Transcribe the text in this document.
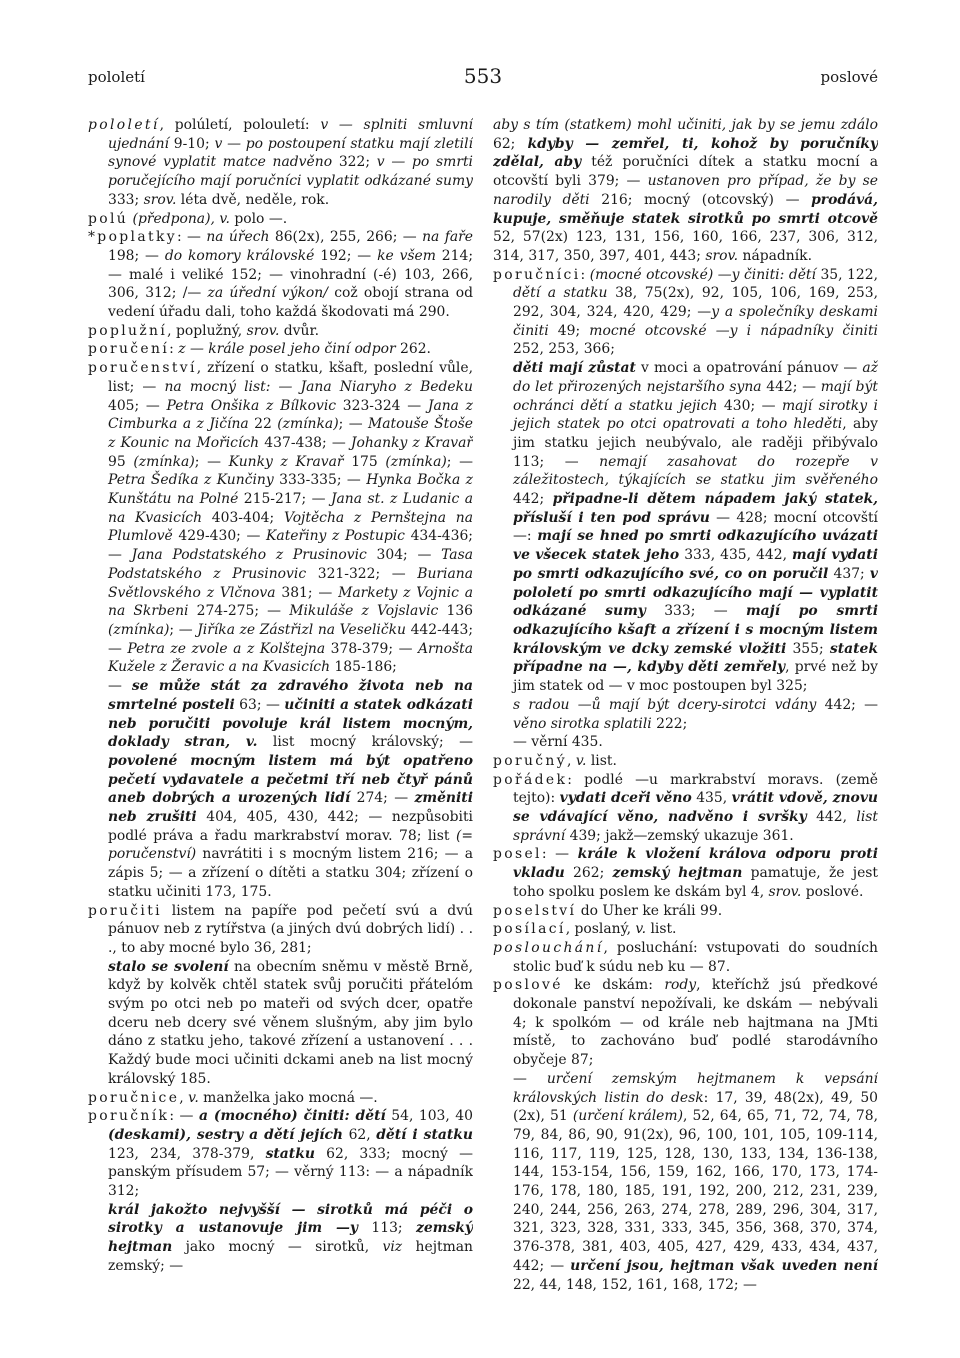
pololetí	553	poslové

pololetí, polúletí, polouletí: v — splniti smluvní ujednání 9-10; v — po postoupení statku mají zletilí synové vyplatit matce nadvěno 322; v — po smrti poručejícího mají poručníci vyplatit odkázané sumy 333; srov. léta dvě, neděle, rok.

polú (předpona), v. polo —.

*poplatky: — na úřech 86(2x), 255, 266; — na faře 198; — do komory královské 192; — ke všem 214; — malé i veliké 152; — vinohradní (-é) 103, 266, 306, 312; /— za úřední výkon/ což obojí strana od vedení úřadu dali, toho každá škodovati má 290.

poplužní, poplužný, srov. dvůr.

poručení: z — krále posel jeho činí odpor 262.

poručenství, zřízení o statku, kšaft, poslední vůle, list; — na mocný list: — Jana Niaryho z Bedeku 405; — Petra Onšika z Bílkovic 323-324 — Jana z Cimburka a z Jičína 22 (zmínka); — Matouše Štoše z Kounic na Mořicích 437-438; — Johanky z Kravař 95 (zmínka); — Kunky z Kravař 175 (zmínka); — Petra Šedíka z Kunčiny 333-335; — Hynka Bočka z Kunštátu na Polné 215-217; — Jana st. z Ludanic a na Kvasicích 403-404; Vojtěcha z Pernštejna na Plumlově 429-430; — Kateřiny z Postupic 434-436; — Jana Podstatského z Prusinovic 304; — Tasa Podstatského z Prusinovic 321-322; — Buriana Světlovského z Vlčnova 381; — Markety z Vojnic a na Skrbeni 274-275; — Mikuláše z Vojslavic 136 (zmínka); — Jiříka ze Zástřizl na Veseličku 442-443; — Petra ze zvole a z Kolštejna 378-379; — Arnošta Kužele z Žeravic a na Kvasicích 185-186;

— se může stát za zdravého života neb na smrtelné posteli 63; — učiniti a statek odkázati neb poručiti povoluje král listem mocným, doklady stran, v. list mocný královský; — povolené mocným listem má být opatřeno pečetí vydavatele a pečetmi tří neb čtyř pánů aneb dobrých a urozených lidí 274; — změniti neb zrušiti 404, 405, 430, 442; — nezpůsobiti podlé práva a řadu markrabství morav. 78; list (= poručenství) navrátiti i s mocným listem 216; — a zápis 5; — a zřízení o dítěti a statku 304; zřízení o statku učiniti 173, 175.

poručiti listem na papíře pod pečetí svú a dvú pánuov neb z rytířstva (a jiných dvú dobrých lidí) . . ., to aby mocné bylo 36, 281;

stalo se svolení na obecním sněmu v městě Brně, když by kolvěk chtěl statek svůj poručiti přátelóm svým po otci neb po mateři od svých dcer, opatře dceru neb dcery své věnem slušným, aby jim bylo dáno z statku jeho, takové zřízení a ustanovení . . . Každý bude moci učiniti dckami aneb na list mocný královský 185.

poručnice, v. manželka jako mocná —.

poručník: — a (mocného) činiti: dětí 54, 103, 40 (deskami), sestry a dětí jejích 62, dětí i statku 123, 234, 378-379, statku 62, 333; mocný — panským přísudem 57; — věrný 113: — a nápadník 312;

král jakožto nejvyšší — sirotků má péči o sirotky a ustanovuje jim —y 113; zemský hejtman jako mocný — sirotků, viz hejtman zemský; —

aby s tím (statkem) mohl učiniti, jak by se jemu zdálo 62; kdyby — zemřel, ti, kohož by poručníky zdělal, aby též poručníci dítek a statku mocní a otcovští byli 379; — ustanoven pro případ, že by se narodily děti 216; mocný (otcovský) — prodává, kupuje, směňuje statek sirotků po smrti otcově 52, 57(2x) 123, 131, 156, 160, 166, 237, 306, 312, 314, 317, 350, 397, 401, 443; srov. nápadník.

poručníci: (mocné otcovské) —y činiti: dětí 35, 122, dětí a statku 38, 75(2x), 92, 105, 106, 169, 253, 292, 304, 324, 420, 429; —y a společníky deskami činiti 49; mocné otcovské —y i nápadníky činiti 252, 253, 366;

děti mají zůstat v moci a opatrování pánuov — až do let přirozených nejstaršího syna 442; — mají být ochránci dětí a statku jejich 430; — mají sirotky i jejich statek po otci opatrovati a toho hleděti, aby jim statku jejich neubývalo, ale raději přibývalo 113; — nemají zasahovat do rozepře v záležitostech, týkajících se statku jim svěřeného 442; připadne-li dětem nápadem jaký statek, přísluší i ten pod správu — 428; mocní otcovští —: mají se hned po smrti odkazujícího uvázati ve všecek statek jeho 333, 435, 442, mají vydati po smrti odkazujícího své, co on poručil 437; v pololetí po smrti odkazujícího mají — vyplatit odkázané sumy 333; — mají po smrti odkazujícího kšaft a zřízení i s mocným listem královským ve dcky zemské vložiti 355; statek případne na —, kdyby děti zemřely, prvé než by jim statek od — v moc postoupen byl 325;

s radou —ů mají být dcery-sirotci vdány 442; — věno sirotka splatili 222;

— věrní 435.

poručný, v. list.

pořádek: podlé —u markrabství moravs. (země tejto): vydati dceři věno 435, vrátit vdově, znovu se vdávající věno, nadvěno i svršky 442, list správní 439; jakž—zemský ukazuje 361.

posel: — krále k vložení králova odporu proti vkladu 262; zemský hejtman pamatuje, že jest toho spolku poslem ke dskám byl 4, srov. poslové.

poselství do Uher ke králi 99.

posílací, poslaný, v. list.

poslouchání, posluchání: vstupovati do soudních stolic buď k súdu neb ku — 87.

poslové ke dskám: rody, kteříchž jsú předkové dokonale panství nepožívali, ke dskám — nebývali 4; k spolkóm — od krále neb hajtmana na JMti místě, to zachováno buď podlé starodávního obyčeje 87;

— určení zemským hejtmanem k vepsání královských listin do desk: 17, 39, 48(2x), 49, 50 (2x), 51 (určení králem), 52, 64, 65, 71, 72, 74, 78, 79, 84, 86, 90, 91(2x), 96, 100, 101, 105, 109-114, 116, 117, 119, 125, 128, 130, 133, 134, 136-138, 144, 153-154, 156, 159, 162, 166, 170, 173, 174-176, 178, 180, 185, 191, 192, 200, 212, 231, 239, 240, 244, 256, 263, 274, 278, 289, 296, 304, 317, 321, 323, 328, 331, 333, 345, 356, 368, 370, 374, 376-378, 381, 403, 405, 427, 429, 433, 434, 437, 442; — určení jsou, hejtman však uveden není 22, 44, 148, 152, 161, 168, 172; —
